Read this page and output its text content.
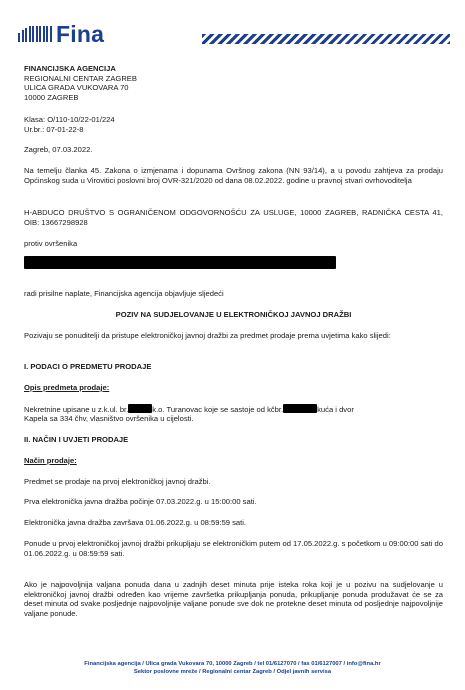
Fina
FINANCIJSKA AGENCIJA
REGIONALNI CENTAR ZAGREB
ULICA GRADA VUKOVARA 70
10000 ZAGREB
Klasa: O/110-10/22-01/224
Ur.br.: 07-01-22-8
Zagreb, 07.03.2022.
Na temelju članka 45. Zakona o izmjenama i dopunama Ovršnog zakona (NN 93/14), a u povodu zahtjeva za prodaju Općinskog suda u Virovitici poslovni broj OVR-321/2020 od dana 08.02.2022. godine u pravnoj stvari ovrhovoditelja
H-ABDUCO DRUŠTVO S OGRANIČENOM ODGOVORNOŠĆU ZA USLUGE, 10000 ZAGREB, RADNIČKA CESTA 41, OIB: 13667298928
protiv ovršenika
radi prisilne naplate, Financijska agencija objavljuje sljedeći
POZIV NA SUDJELOVANJE U ELEKTRONIČKOJ JAVNOJ DRAŽBI
Pozivaju se ponuditelji da pristupe elektroničkoj javnoj dražbi za predmet prodaje prema uvjetima kako slijedi:
I. PODACI O PREDMETU PRODAJE
Opis predmeta prodaje:
Nekretnine upisane u z.k.ul. br.	k.o. Turanovac koje se sastoje od kčbr.	kuća i dvor
Kapela sa 334 čhv, vlasništvo ovršenika u cijelosti.
II. NAČIN I UVJETI PRODAJE
Način prodaje:
Predmet se prodaje na prvoj elektroničkoj javnoj dražbi.
Prva elektronička javna dražba počinje 07.03.2022.g. u 15:00:00 sati.
Elektronička javna dražba završava 01.06.2022.g. u 08:59:59 sati.
Ponude u prvoj elektroničkoj javnoj dražbi prikupljaju se elektroničkim putem od 17.05.2022.g. s početkom u 09:00:00 sati do 01.06.2022.g. u 08:59:59 sati.
Ako je najpovoljnija valjana ponuda dana u zadnjih deset minuta prije isteka roka koji je u pozivu na sudjelovanje u elektroničkoj javnoj dražbi određen kao vrijeme završetka prikupljanja ponuda, prikupljanje ponuda produžavat će se za deset minuta od svake posljednje najpovoljnije valjane ponude sve dok ne protekne deset minuta od posljednje najpovoljnije valjane ponude.
Financijska agencija / Ulica grada Vukovara 70, 10000 Zagreb / tel 01/6127070 / fax 01/6127007 / info@fina.hr
Sektor poslovne mreže / Regionalni centar Zagreb / Odjel javnih servisa
